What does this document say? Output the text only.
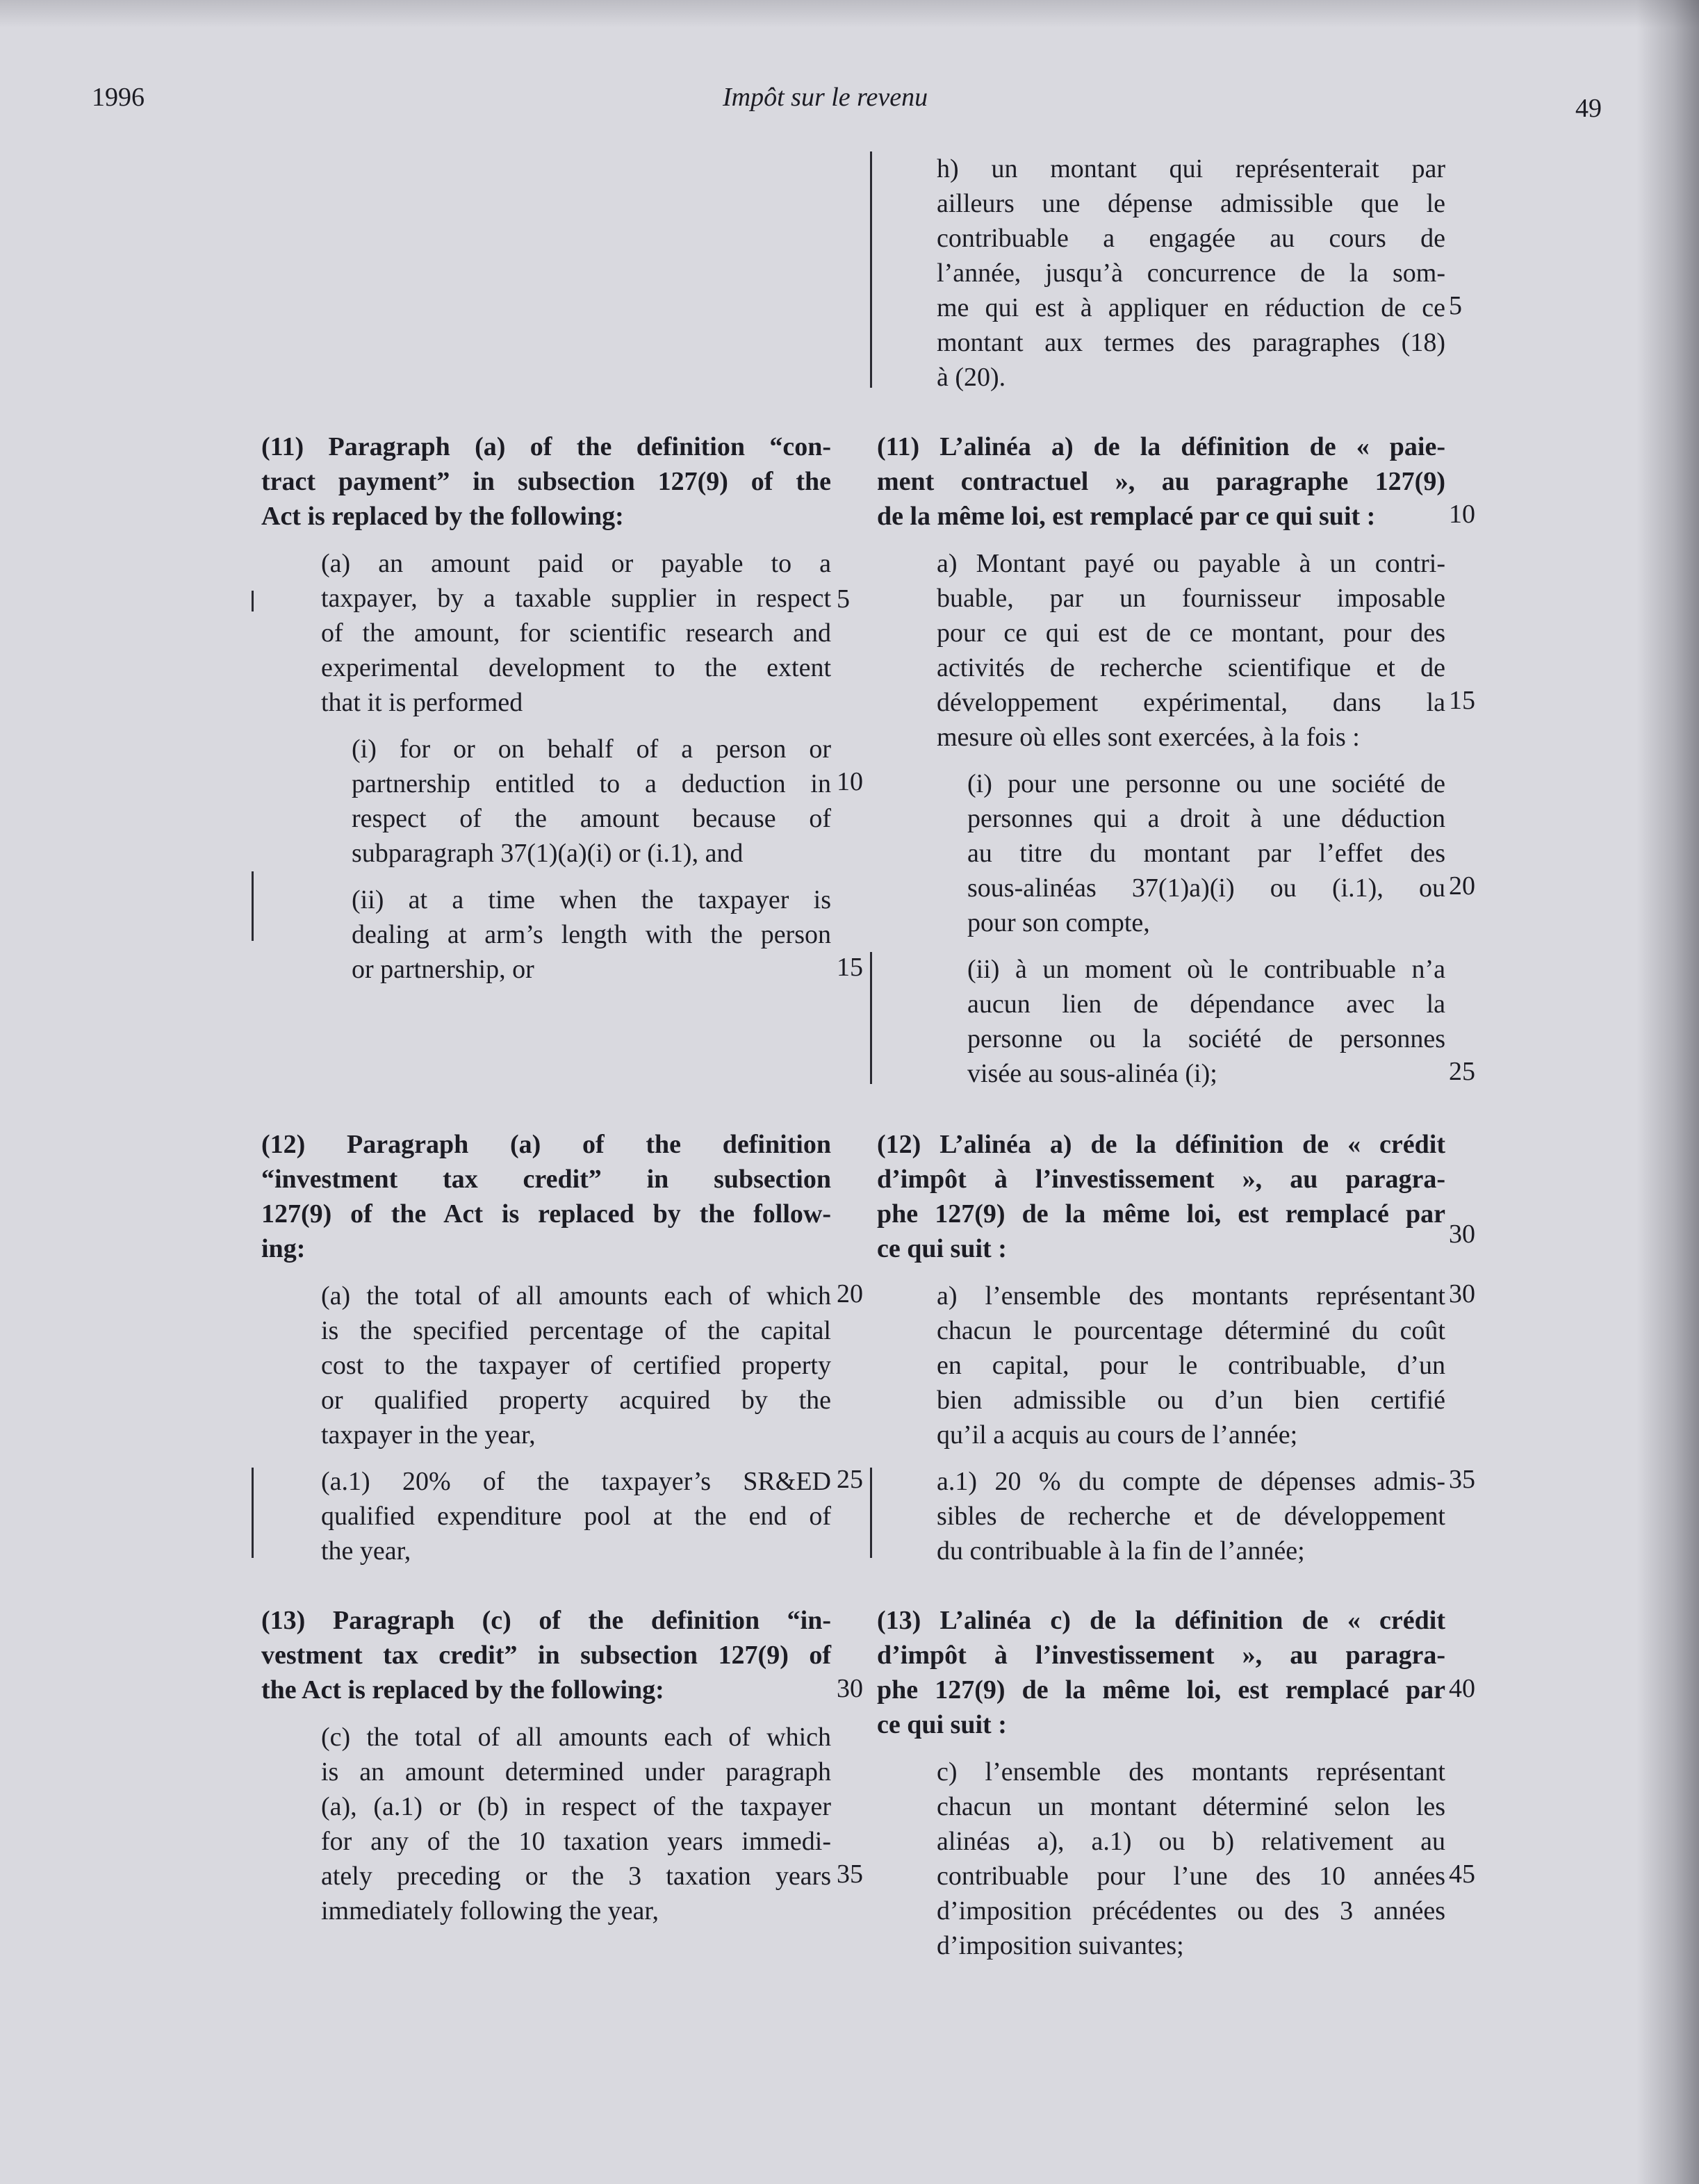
1996	Impôt sur le revenu	49
(11) Paragraph (a) of the definition “con-
tract payment” in subsection 127(9) of the
Act is replaced by the following:
(a) an amount paid or payable to a
taxpayer, by a taxable supplier in respect
of the amount, for scientific research and
experimental development to the extent
that it is performed
(i) for or on behalf of a person or
partnership entitled to a deduction in
respect of the amount because of
subparagraph 37(1)(a)(i) or (i.1), and
(ii) at a time when the taxpayer is
dealing at arm’s length with the person
or partnership, or
(12) Paragraph (a) of the definition
“investment tax credit” in subsection
127(9) of the Act is replaced by the follow-
ing:
(a) the total of all amounts each of which
is the specified percentage of the capital
cost to the taxpayer of certified property
or qualified property acquired by the
taxpayer in the year,
(a.1) 20% of the taxpayer’s SR&ED
qualified expenditure pool at the end of
the year,
(13) Paragraph (c) of the definition “in-
vestment tax credit” in subsection 127(9) of
the Act is replaced by the following:
(c) the total of all amounts each of which
is an amount determined under paragraph
(a), (a.1) or (b) in respect of the taxpayer
for any of the 10 taxation years immedi-
ately preceding or the 3 taxation years
immediately following the year,
5
10
15
20
25
30
35
h) un montant qui représenterait par
ailleurs une dépense admissible que le
contribuable a engagée au cours de
l’année, jusqu’à concurrence de la som-
me qui est à appliquer en réduction de ce
montant aux termes des paragraphes (18)
à (20).
(11) L’alinéa a) de la définition de « paie-
ment contractuel », au paragraphe 127(9)
de la même loi, est remplacé par ce qui suit :
a) Montant payé ou payable à un contri-
buable, par un fournisseur imposable
pour ce qui est de ce montant, pour des
activités de recherche scientifique et de
développement expérimental, dans la
mesure où elles sont exercées, à la fois :
(i) pour une personne ou une société de
personnes qui a droit à une déduction
au titre du montant par l’effet des
sous-alinéas 37(1)a)(i) ou (i.1), ou
pour son compte,
(ii) à un moment où le contribuable n’a
aucun lien de dépendance avec la
personne ou la société de personnes
visée au sous-alinéa (i);
(12) L’alinéa a) de la définition de « crédit
d’impôt à l’investissement », au paragra-
phe 127(9) de la même loi, est remplacé par
ce qui suit :
a) l’ensemble des montants représentant
chacun le pourcentage déterminé du coût
en capital, pour le contribuable, d’un
bien admissible ou d’un bien certifié
qu’il a acquis au cours de l’année;
a.1) 20 % du compte de dépenses admis-
sibles de recherche et de développement
du contribuable à la fin de l’année;
(13) L’alinéa c) de la définition de « crédit
d’impôt à l’investissement », au paragra-
phe 127(9) de la même loi, est remplacé par
ce qui suit :
c) l’ensemble des montants représentant
chacun un montant déterminé selon les
alinéas a), a.1) ou b) relativement au
contribuable pour l’une des 10 années
d’imposition précédentes ou des 3 années
d’imposition suivantes;
5
10
15
20
25
30
30
35
40
45
